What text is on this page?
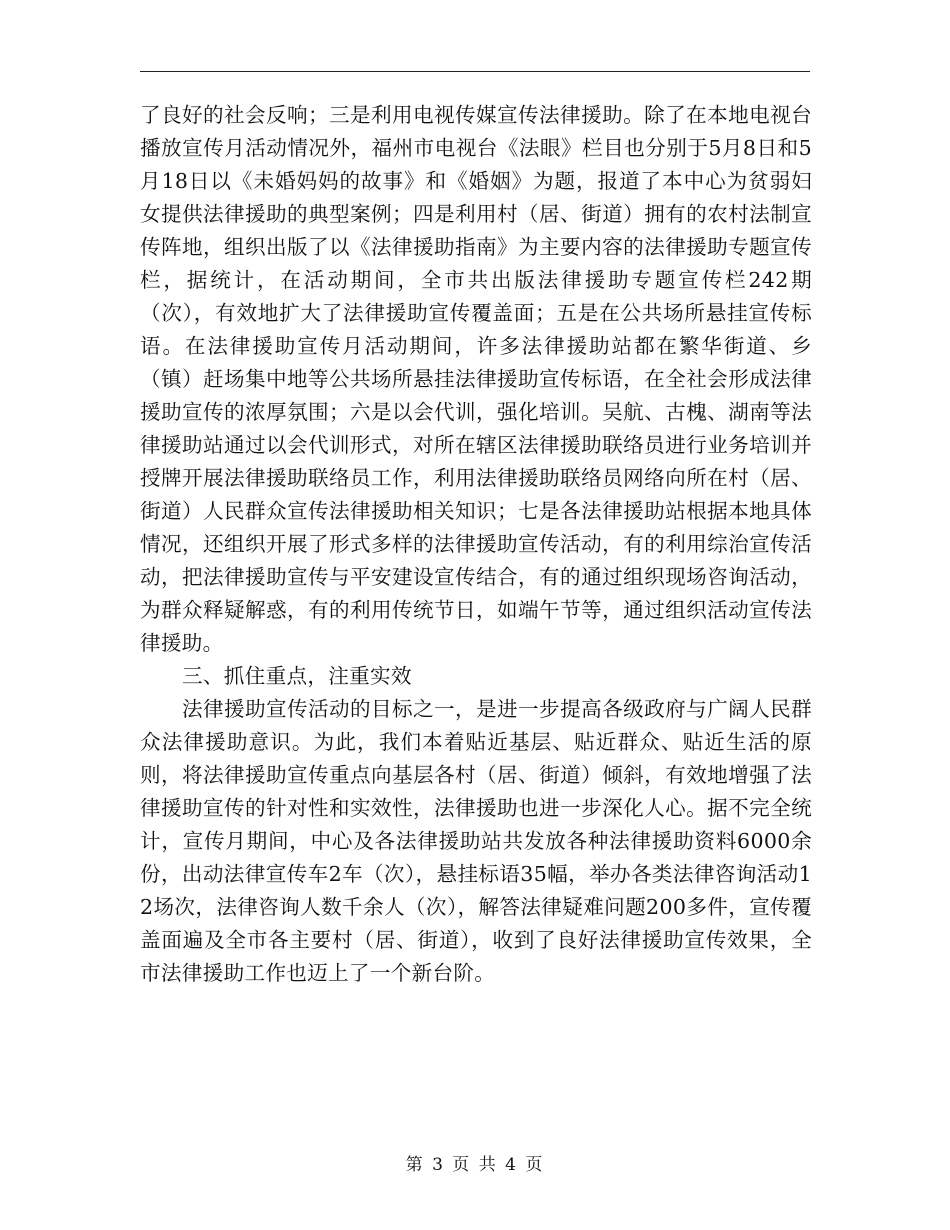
了良好的社会反响；三是利用电视传媒宣传法律援助。除了在本地电视台播放宣传月活动情况外，福州市电视台《法眼》栏目也分别于5月8日和5月18日以《未婚妈妈的故事》和《婚姻》为题，报道了本中心为贫弱妇女提供法律援助的典型案例；四是利用村（居、街道）拥有的农村法制宣传阵地，组织出版了以《法律援助指南》为主要内容的法律援助专题宣传栏，据统计，在活动期间，全市共出版法律援助专题宣传栏242期（次），有效地扩大了法律援助宣传覆盖面；五是在公共场所悬挂宣传标语。在法律援助宣传月活动期间，许多法律援助站都在繁华街道、乡（镇）赶场集中地等公共场所悬挂法律援助宣传标语，在全社会形成法律援助宣传的浓厚氛围；六是以会代训，强化培训。吴航、古槐、湖南等法律援助站通过以会代训形式，对所在辖区法律援助联络员进行业务培训并授牌开展法律援助联络员工作，利用法律援助联络员网络向所在村（居、街道）人民群众宣传法律援助相关知识；七是各法律援助站根据本地具体情况，还组织开展了形式多样的法律援助宣传活动，有的利用综治宣传活动，把法律援助宣传与平安建设宣传结合，有的通过组织现场咨询活动，为群众释疑解惑，有的利用传统节日，如端午节等，通过组织活动宣传法律援助。

三、抓住重点，注重实效

法律援助宣传活动的目标之一，是进一步提高各级政府与广阔人民群众法律援助意识。为此，我们本着贴近基层、贴近群众、贴近生活的原则，将法律援助宣传重点向基层各村（居、街道）倾斜，有效地增强了法律援助宣传的针对性和实效性，法律援助也进一步深化人心。据不完全统计，宣传月期间，中心及各法律援助站共发放各种法律援助资料6000余份，出动法律宣传车2车（次），悬挂标语35幅，举办各类法律咨询活动12场次，法律咨询人数千余人（次），解答法律疑难问题200多件，宣传覆盖面遍及全市各主要村（居、街道），收到了良好法律援助宣传效果，全市法律援助工作也迈上了一个新台阶。

第 3 页 共 4 页
